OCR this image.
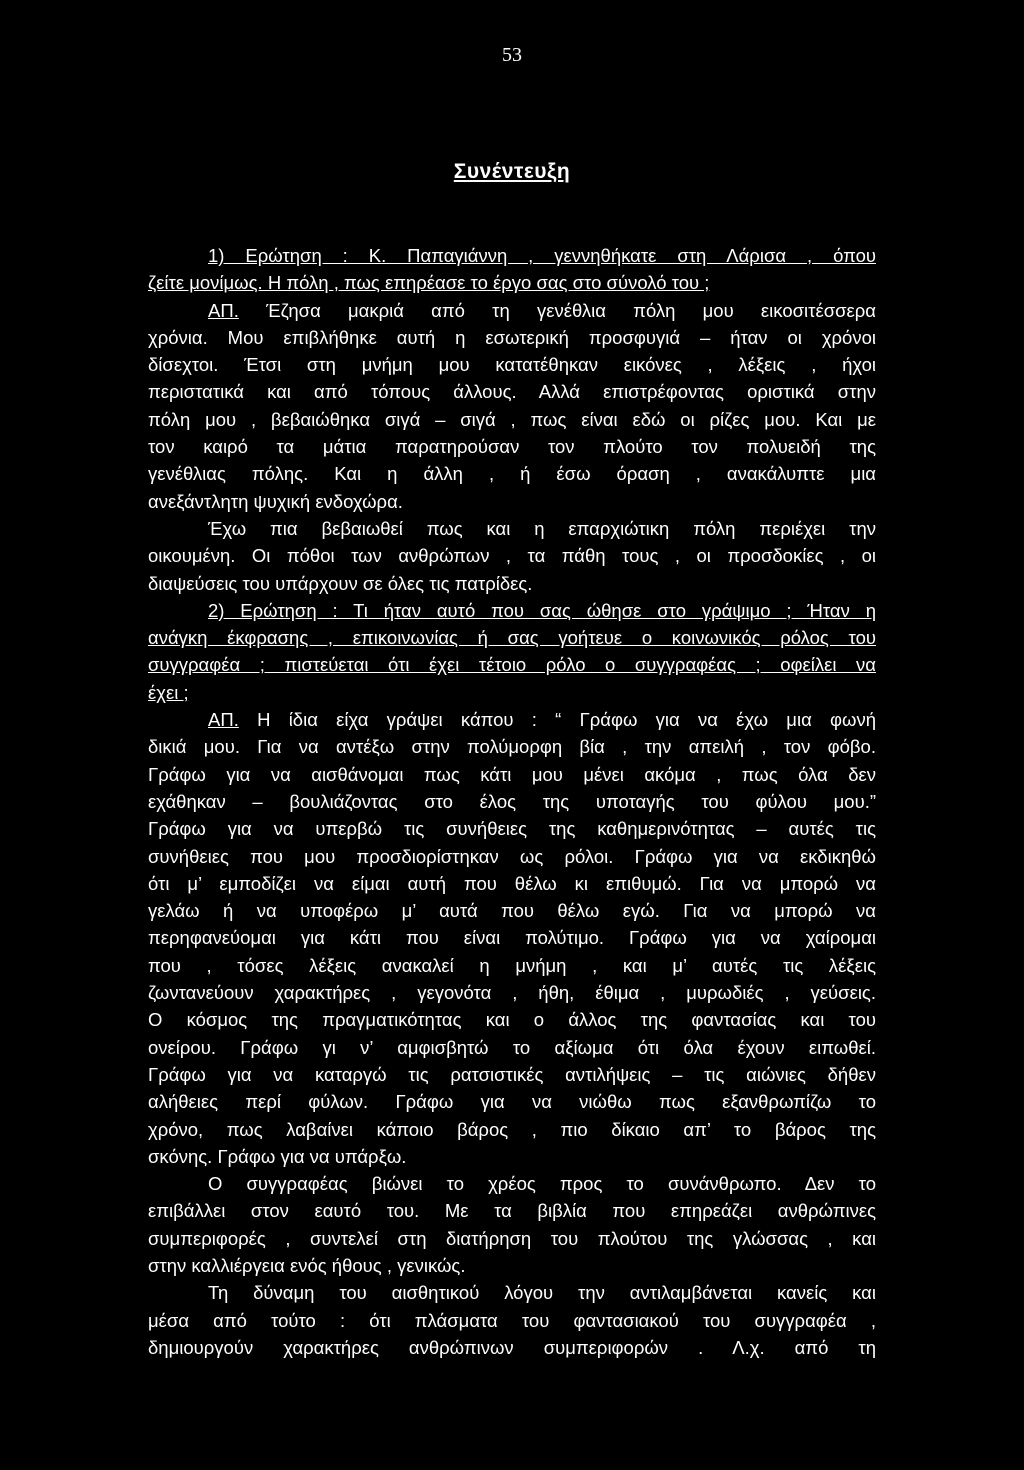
53
Συνέντευξη
1) Ερώτηση : Κ. Παπαγιάννη , γεννηθήκατε στη Λάρισα , όπου
ζείτε μονίμως. Η πόλη , πως επηρέασε το έργο σας στο σύνολό του ;
ΑΠ. Έζησα μακριά από τη γενέθλια πόλη μου εικοσιτέσσερα
χρόνια. Μου επιβλήθηκε αυτή η εσωτερική προσφυγιά – ήταν οι χρόνοι
δίσεχτοι. Έτσι στη μνήμη μου κατατέθηκαν εικόνες , λέξεις , ήχοι
περιστατικά και από τόπους άλλους. Αλλά επιστρέφοντας οριστικά στην
πόλη μου , βεβαιώθηκα σιγά – σιγά , πως είναι εδώ οι ρίζες μου. Και με
τον καιρό τα μάτια παρατηρούσαν τον πλούτο τον πολυειδή της
γενέθλιας πόλης. Και η άλλη , ή έσω όραση , ανακάλυπτε μια
ανεξάντλητη ψυχική ενδοχώρα.
Έχω πια βεβαιωθεί πως και η επαρχιώτικη πόλη περιέχει την
οικουμένη. Οι πόθοι των ανθρώπων , τα πάθη τους , οι προσδοκίες , οι
διαψεύσεις του υπάρχουν σε όλες τις πατρίδες.
2) Ερώτηση : Τι ήταν αυτό που σας ώθησε στο γράψιμο ; Ήταν η
ανάγκη έκφρασης , επικοινωνίας ή σας γοήτευε ο κοινωνικός ρόλος του
συγγραφέα ; πιστεύεται ότι έχει τέτοιο ρόλο ο συγγραφέας ; οφείλει να
έχει ;
ΑΠ. Η ίδια είχα γράψει κάπου : “ Γράφω για να έχω μια φωνή
δικιά μου. Για να αντέξω στην πολύμορφη βία , την απειλή , τον φόβο.
Γράφω για να αισθάνομαι πως κάτι μου μένει ακόμα , πως όλα δεν
εχάθηκαν – βουλιάζοντας στο έλος της υποταγής του φύλου μου.”
Γράφω για να υπερβώ τις συνήθειες της καθημερινότητας – αυτές τις
συνήθειες που μου προσδιορίστηκαν ως ρόλοι. Γράφω για να εκδικηθώ
ότι μ’ εμποδίζει να είμαι αυτή που θέλω κι επιθυμώ. Για να μπορώ να
γελάω ή να υποφέρω μ’ αυτά που θέλω εγώ. Για να μπορώ να
περηφανεύομαι για κάτι που είναι πολύτιμο. Γράφω για να χαίρομαι
που , τόσες λέξεις ανακαλεί η μνήμη , και μ’ αυτές τις λέξεις
ζωντανεύουν χαρακτήρες , γεγονότα , ήθη, έθιμα , μυρωδιές , γεύσεις.
Ο κόσμος της πραγματικότητας και ο άλλος της φαντασίας και του
ονείρου. Γράφω γι ν’ αμφισβητώ το αξίωμα ότι όλα έχουν ειπωθεί.
Γράφω για να καταργώ τις ρατσιστικές αντιλήψεις – τις αιώνιες δήθεν
αλήθειες περί φύλων. Γράφω για να νιώθω πως εξανθρωπίζω το
χρόνο, πως λαβαίνει κάποιο βάρος , πιο δίκαιο απ’ το βάρος της
σκόνης. Γράφω για να υπάρξω.
Ο συγγραφέας βιώνει το χρέος προς το συνάνθρωπο. Δεν το
επιβάλλει στον εαυτό του. Με τα βιβλία που επηρεάζει ανθρώπινες
συμπεριφορές , συντελεί στη διατήρηση του πλούτου της γλώσσας , και
στην καλλιέργεια ενός ήθους , γενικώς.
Τη δύναμη του αισθητικού λόγου την αντιλαμβάνεται κανείς και
μέσα από τούτο : ότι πλάσματα του φαντασιακού του συγγραφέα ,
δημιουργούν χαρακτήρες ανθρώπινων συμπεριφορών . Λ.χ. από τη
